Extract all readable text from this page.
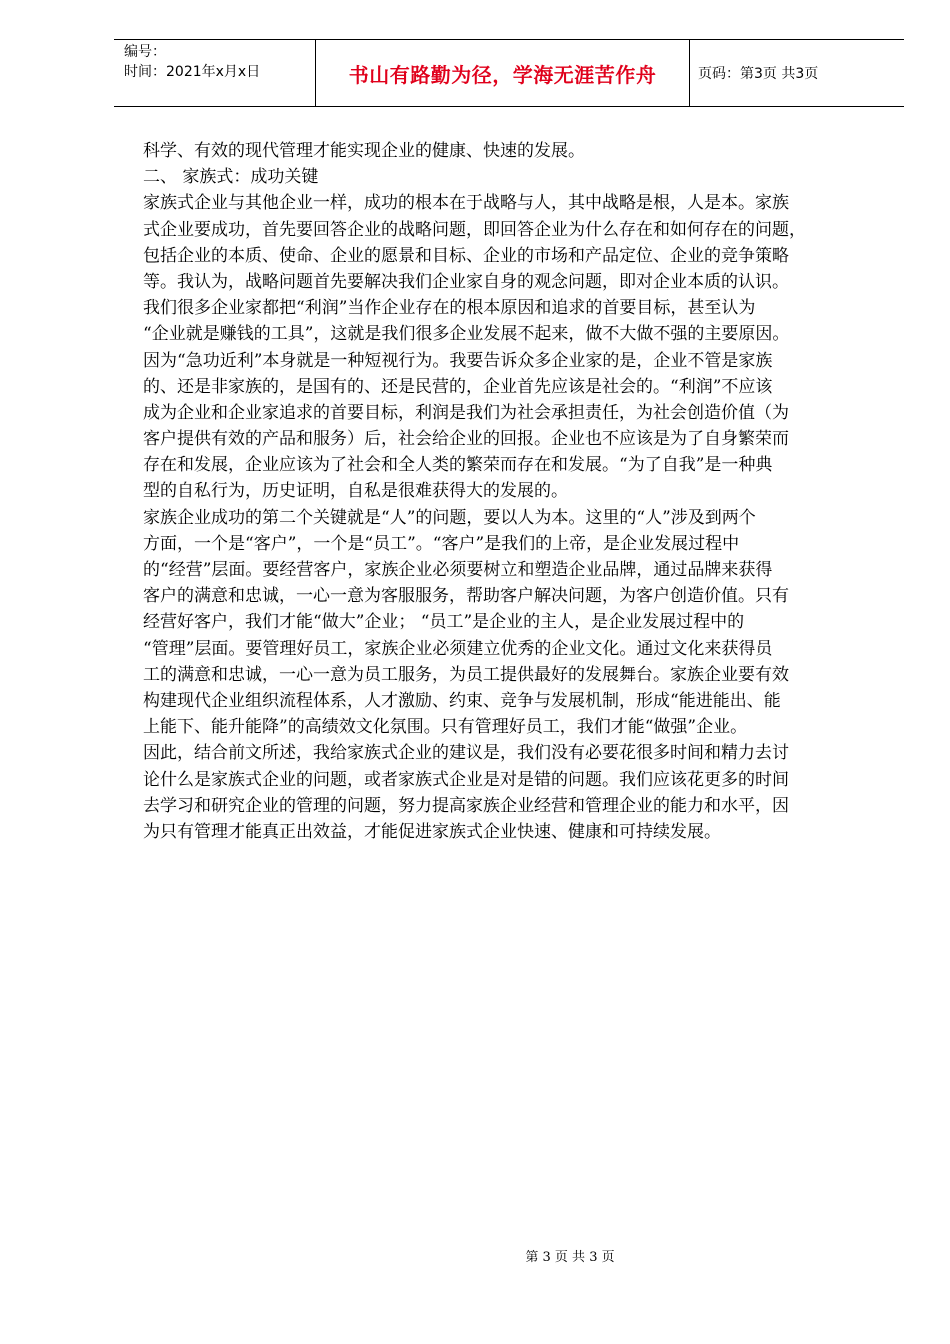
编号：
时间：2021年x月x日	书山有路勤为径，学海无涯苦作舟	页码：第3页 共3页
科学、有效的现代管理才能实现企业的健康、快速的发展。
二、 家族式：成功关键
家族式企业与其他企业一样，成功的根本在于战略与人，其中战略是根，人是本。家族
式企业要成功，首先要回答企业的战略问题，即回答企业为什么存在和如何存在的问题，
包括企业的本质、使命、企业的愿景和目标、企业的市场和产品定位、企业的竞争策略
等。我认为，战略问题首先要解决我们企业家自身的观念问题，即对企业本质的认识。
我们很多企业家都把“利润”当作企业存在的根本原因和追求的首要目标，甚至认为
“企业就是赚钱的工具”，这就是我们很多企业发展不起来，做不大做不强的主要原因。
因为“急功近利”本身就是一种短视行为。我要告诉众多企业家的是，企业不管是家族
的、还是非家族的，是国有的、还是民营的，企业首先应该是社会的。“利润”不应该
成为企业和企业家追求的首要目标，利润是我们为社会承担责任，为社会创造价值（为
客户提供有效的产品和服务）后，社会给企业的回报。企业也不应该是为了自身繁荣而
存在和发展，企业应该为了社会和全人类的繁荣而存在和发展。“为了自我”是一种典
型的自私行为，历史证明，自私是很难获得大的发展的。
家族企业成功的第二个关键就是“人”的问题，要以人为本。这里的“人”涉及到两个
方面，一个是“客户”，一个是“员工”。“客户”是我们的上帝，是企业发展过程中
的“经营”层面。要经营客户，家族企业必须要树立和塑造企业品牌，通过品牌来获得
客户的满意和忠诚，一心一意为客服服务，帮助客户解决问题，为客户创造价值。只有
经营好客户，我们才能“做大”企业； “员工”是企业的主人，是企业发展过程中的
“管理”层面。要管理好员工，家族企业必须建立优秀的企业文化。通过文化来获得员
工的满意和忠诚，一心一意为员工服务，为员工提供最好的发展舞台。家族企业要有效
构建现代企业组织流程体系，人才激励、约束、竞争与发展机制，形成“能进能出、能
上能下、能升能降”的高绩效文化氛围。只有管理好员工，我们才能“做强”企业。
因此，结合前文所述，我给家族式企业的建议是，我们没有必要花很多时间和精力去讨
论什么是家族式企业的问题，或者家族式企业是对是错的问题。我们应该花更多的时间
去学习和研究企业的管理的问题，努力提高家族企业经营和管理企业的能力和水平，因
为只有管理才能真正出效益，才能促进家族式企业快速、健康和可持续发展。
第 3 页 共 3 页
